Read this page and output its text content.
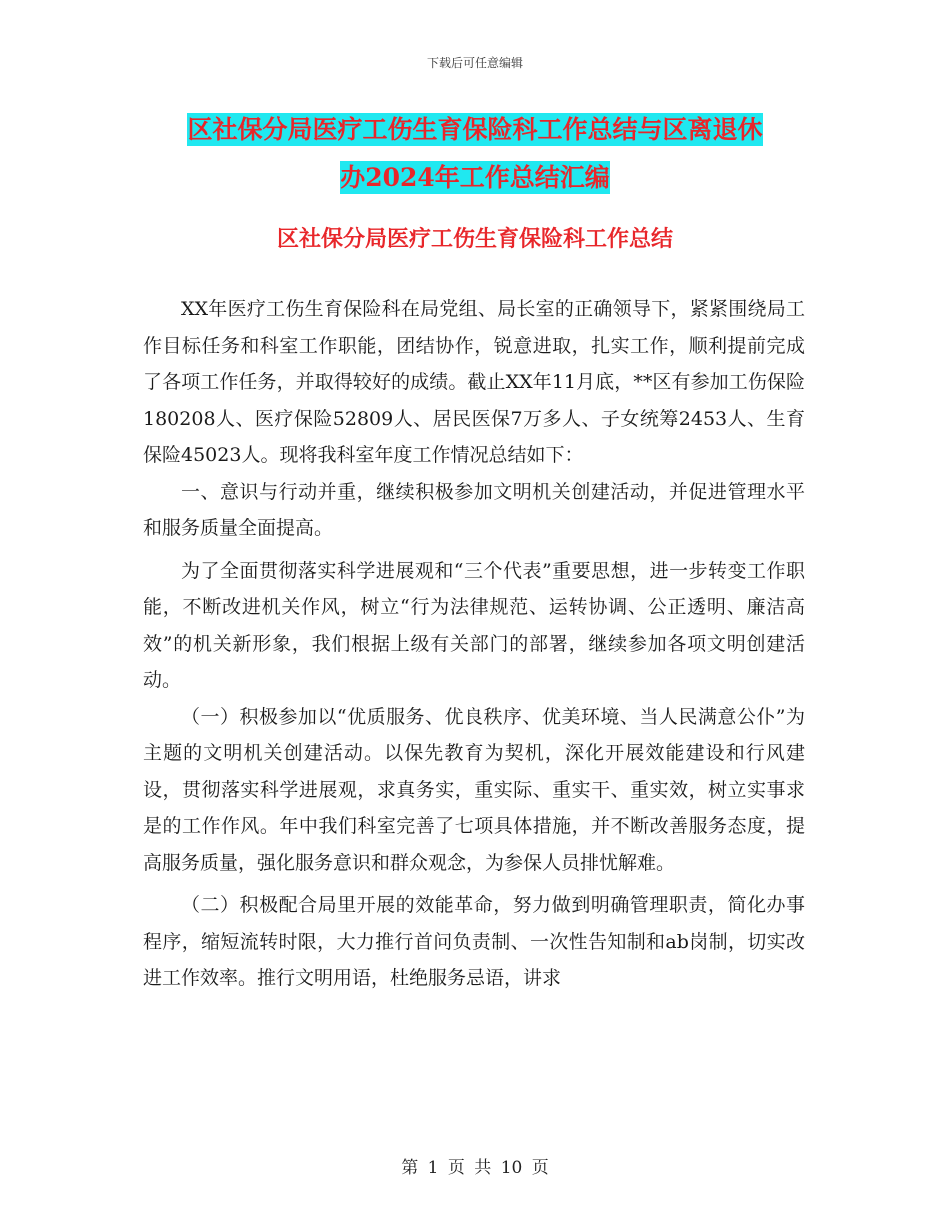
下载后可任意编辑
区社保分局医疗工伤生育保险科工作总结与区离退休
办2024年工作总结汇编
区社保分局医疗工伤生育保险科工作总结

XX年医疗工伤生育保险科在局党组、局长室的正确领导下，紧紧围绕局工作目标任务和科室工作职能，团结协作，锐意进取，扎实工作，顺利提前完成了各项工作任务，并取得较好的成绩。截止XX年11月底，**区有参加工伤保险180208人、医疗保险52809人、居民医保7万多人、子女统筹2453人、生育保险45023人。现将我科室年度工作情况总结如下：

一、意识与行动并重，继续积极参加文明机关创建活动，并促进管理水平和服务质量全面提高。

为了全面贯彻落实科学进展观和“三个代表”重要思想，进一步转变工作职能，不断改进机关作风，树立“行为法律规范、运转协调、公正透明、廉洁高效”的机关新形象，我们根据上级有关部门的部署，继续参加各项文明创建活动。

（一）积极参加以“优质服务、优良秩序、优美环境、当人民满意公仆”为主题的文明机关创建活动。以保先教育为契机，深化开展效能建设和行风建设，贯彻落实科学进展观，求真务实，重实际、重实干、重实效，树立实事求是的工作作风。年中我们科室完善了七项具体措施，并不断改善服务态度，提高服务质量，强化服务意识和群众观念，为参保人员排忧解难。

（二）积极配合局里开展的效能革命，努力做到明确管理职责，简化办事程序，缩短流转时限，大力推行首问负责制、一次性告知制和ab岗制，切实改进工作效率。推行文明用语，杜绝服务忌语，讲求

第 1 页 共 10 页
